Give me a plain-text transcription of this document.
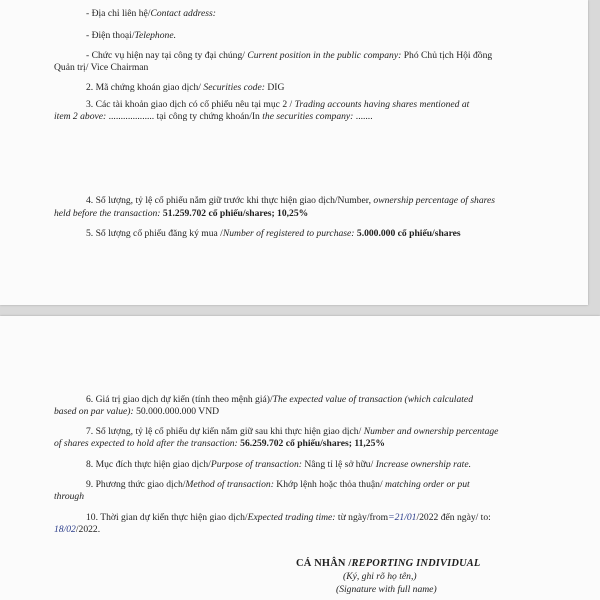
- Địa chỉ liên hệ/Contact address:
- Điện thoại/Telephone.
- Chức vụ hiện nay tại công ty đại chúng/ Current position in the public company: Phó Chủ tịch Hội đồng
Quản trị/ Vice Chairman
2. Mã chứng khoán giao dịch/ Securities code: DIG
3. Các tài khoản giao dịch có cổ phiếu nêu tại mục 2 / Trading accounts having shares mentioned at
item 2 above: ................... tại công ty chứng khoán/In the securities company: .......
4. Số lượng, tỷ lệ cổ phiếu nắm giữ trước khi thực hiện giao dịch/Number, ownership percentage of shares
held before the transaction: 51.259.702 cổ phiếu/shares; 10,25%
5. Số lượng cổ phiếu đăng ký mua /Number of registered to purchase: 5.000.000 cổ phiếu/shares
6. Giá trị giao dịch dự kiến (tính theo mệnh giá)/The expected value of transaction (which calculated
based on par value): 50.000.000.000 VND
7. Số lượng, tỷ lệ cổ phiếu dự kiến nắm giữ sau khi thực hiện giao dịch/ Number and ownership percentage
of shares expected to hold after the transaction: 56.259.702 cổ phiếu/shares; 11,25%
8. Mục đích thực hiện giao dịch/Purpose of transaction: Nâng tỉ lệ sở hữu/ Increase ownership rate.
9. Phương thức giao dịch/Method of transaction: Khớp lệnh hoặc thỏa thuận/ matching order or put
through
10. Thời gian dự kiến thực hiện giao dịch/Expected trading time: từ ngày/from=21/01/2022 đến ngày/ to:
18/02/2022.
CÁ NHÂN /REPORTING INDIVIDUAL
(Ký, ghi rõ họ tên,)
(Signature with full name)
